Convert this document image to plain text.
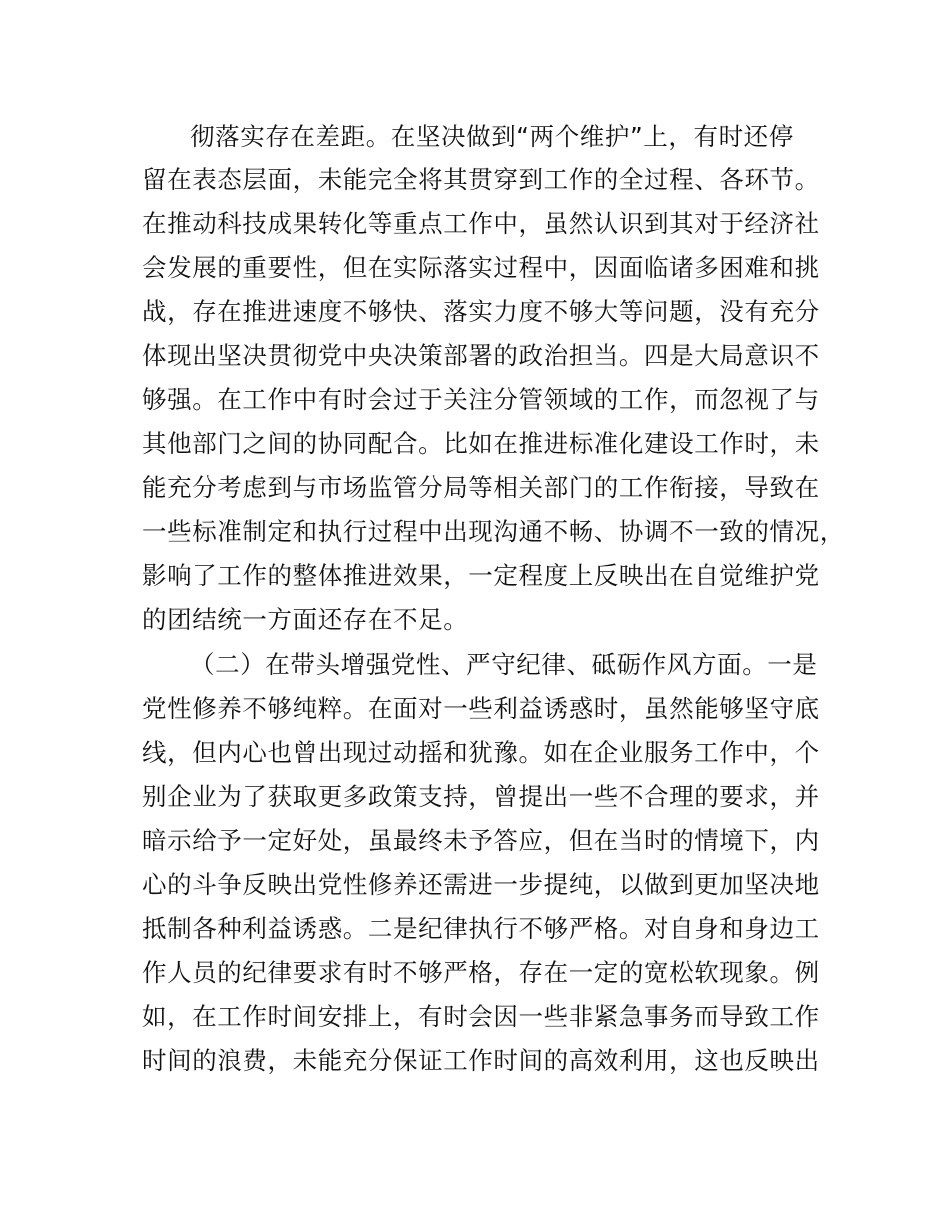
彻落实存在差距。在坚决做到“两个维护”上，有时还停
留在表态层面，未能完全将其贯穿到工作的全过程、各环节。
在推动科技成果转化等重点工作中，虽然认识到其对于经济社
会发展的重要性，但在实际落实过程中，因面临诸多困难和挑
战，存在推进速度不够快、落实力度不够大等问题，没有充分
体现出坚决贯彻党中央决策部署的政治担当。四是大局意识不
够强。在工作中有时会过于关注分管领域的工作，而忽视了与
其他部门之间的协同配合。比如在推进标准化建设工作时，未
能充分考虑到与市场监管分局等相关部门的工作衔接，导致在
一些标准制定和执行过程中出现沟通不畅、协调不一致的情况，
影响了工作的整体推进效果，一定程度上反映出在自觉维护党
的团结统一方面还存在不足。
（二）在带头增强党性、严守纪律、砥砺作风方面。一是
党性修养不够纯粹。在面对一些利益诱惑时，虽然能够坚守底
线，但内心也曾出现过动摇和犹豫。如在企业服务工作中，个
别企业为了获取更多政策支持，曾提出一些不合理的要求，并
暗示给予一定好处，虽最终未予答应，但在当时的情境下，内
心的斗争反映出党性修养还需进一步提纯，以做到更加坚决地
抵制各种利益诱惑。二是纪律执行不够严格。对自身和身边工
作人员的纪律要求有时不够严格，存在一定的宽松软现象。例
如，在工作时间安排上，有时会因一些非紧急事务而导致工作
时间的浪费，未能充分保证工作时间的高效利用，这也反映出
